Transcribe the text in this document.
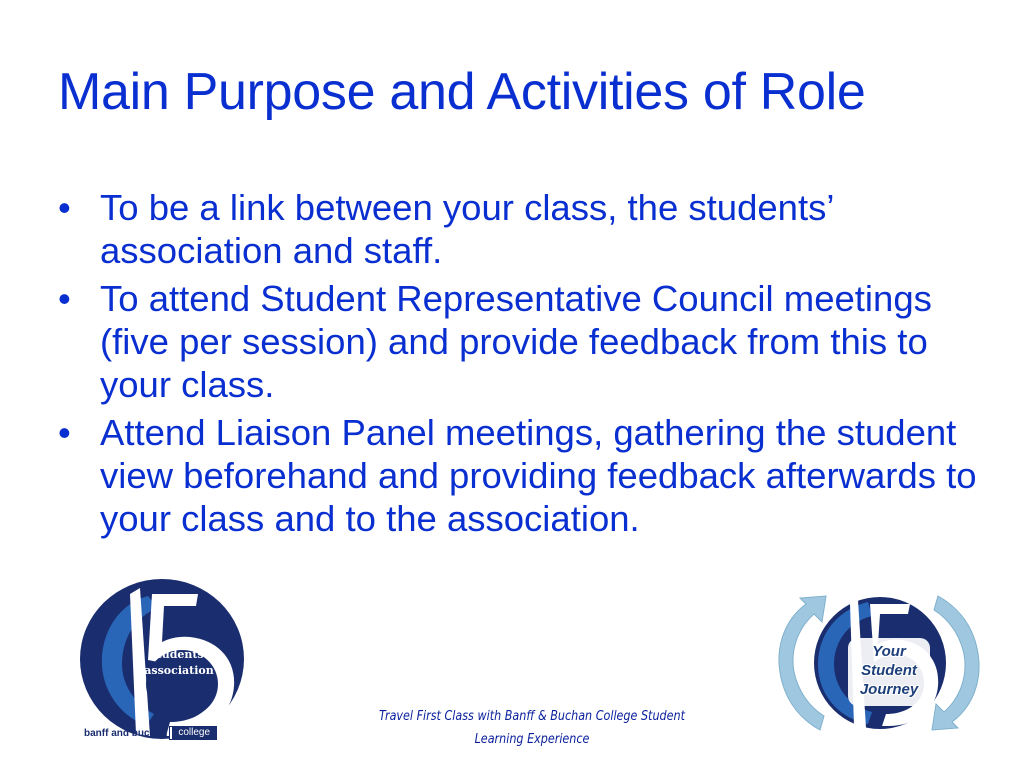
Main Purpose and Activities of Role
• To be a link between your class, the students’ association and staff.
• To attend Student Representative Council meetings (five per session) and provide feedback from this to your class.
• Attend Liaison Panel meetings, gathering the student view beforehand and providing feedback afterwards to your class and to the association.
students’
association
banff and buchan	college
Your
Student
Journey
Travel First Class with Banff & Buchan College Student
Learning Experience
